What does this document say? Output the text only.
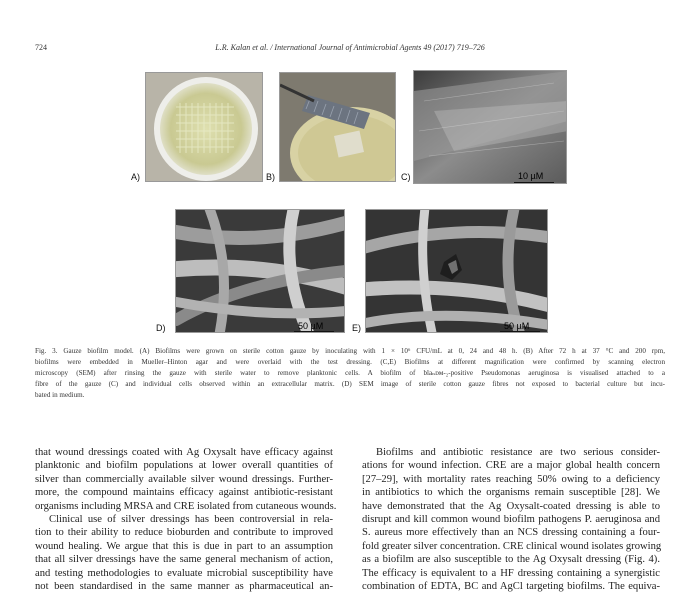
724	L.R. Kalan et al. / International Journal of Antimicrobial Agents 49 (2017) 719–726
A)	B)	10 µM
C)
50 µM
D)	50 µM
E)
Fig. 3. Gauze biofilm model. (A) Biofilms were grown on sterile cotton gauze by inoculating with 1 × 10⁶ CFU/mL at 0, 24 and 48 h. (B) After 72 h at 37 °C and 200 rpm,
biofilms were embedded in Mueller–Hinton agar and were overlaid with the test dressing. (C,E) Biofilms at different magnification were confirmed by scanning electron
microscopy (SEM) after rinsing the gauze with sterile water to remove planktonic cells. A biofilm of blaₙᴅᴍ-₂-positive Pseudomonas aeruginosa is visualised attached to a
fibre of the gauze (C) and individual cells observed within an extracellular matrix. (D) SEM image of sterile cotton gauze fibres not exposed to bacterial culture but incu-
bated in medium.
that wound dressings coated with Ag Oxysalt have efficacy against
planktonic and biofilm populations at lower overall quantities of
silver than commercially available silver wound dressings. Further-
more, the compound maintains efficacy against antibiotic-resistant
organisms including MRSA and CRE isolated from cutaneous wounds.
Clinical use of silver dressings has been controversial in rela-
tion to their ability to reduce bioburden and contribute to improved
wound healing. We argue that this is due in part to an assumption
that all silver dressings have the same general mechanism of action,
and testing methodologies to evaluate microbial susceptibility have
not been standardised in the same manner as pharmaceutical an-
Biofilms and antibiotic resistance are two serious consider-
ations for wound infection. CRE are a major global health concern
[27–29], with mortality rates reaching 50% owing to a deficiency
in antibiotics to which the organisms remain susceptible [28]. We
have demonstrated that the Ag Oxysalt-coated dressing is able to
disrupt and kill common wound biofilm pathogens P. aeruginosa and
S. aureus more effectively than an NCS dressing containing a four-
fold greater silver concentration. CRE clinical wound isolates growing
as a biofilm are also susceptible to the Ag Oxysalt dressing (Fig. 4).
The efficacy is equivalent to a HF dressing containing a synergistic
combination of EDTA, BC and AgCl targeting biofilms. The equiva-
